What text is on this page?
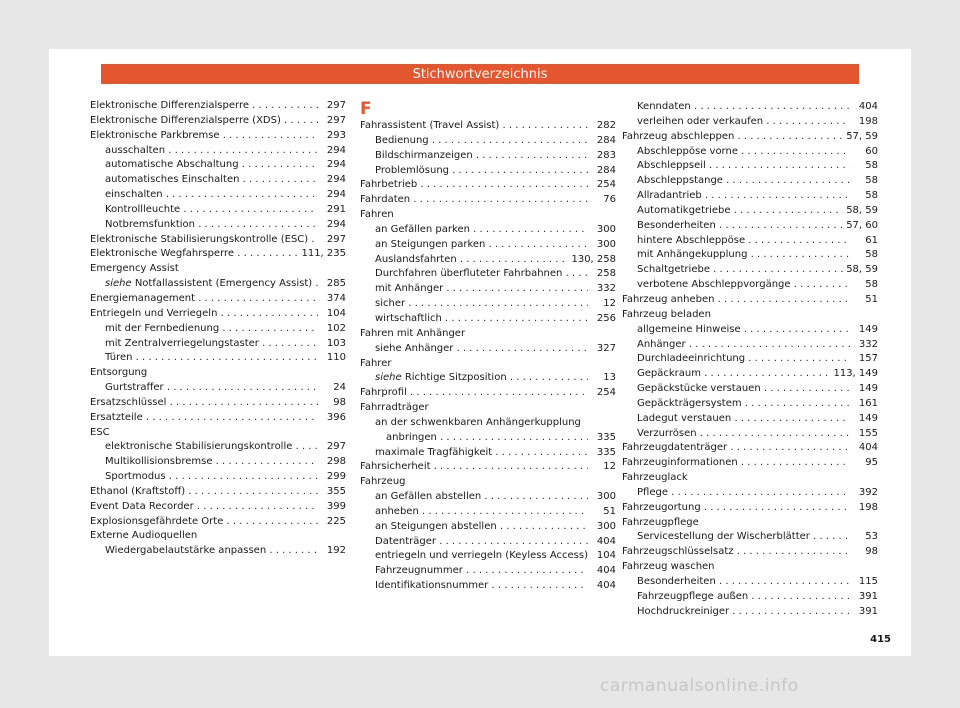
Stichwortverzeichnis
Elektronische Differenzialsperre . . .	297
Elektronische Differenzialsperre (XDS) . . .	297
Elektronische Parkbremse . . .	293
ausschalten . . .	294
automatische Abschaltung . . .	294
automatisches Einschalten . . .	294
einschalten . . .	294
Kontrollleuchte . . .	291
Notbremsfunktion . . .	294
Elektronische Stabilisierungskontrolle (ESC) . . .	297
Elektronische Wegfahrsperre . . .	111, 235
Emergency Assist
siehe Notfallassistent (Emergency Assist) . . .	285
Energiemanagement . . .	374
Entriegeln und Verriegeln . . .	104
mit der Fernbedienung . . .	102
mit Zentralverriegelungstaster . . .	103
Türen . . .	110
Entsorgung
Gurtstraffer . . .	24
Ersatzschlüssel . . .	98
Ersatzteile . . .	396
ESC
elektronische Stabilisierungskontrolle . . .	297
Multikollisionsbremse . . .	298
Sportmodus . . .	299
Ethanol (Kraftstoff) . . .	355
Event Data Recorder . . .	399
Explosionsgefährdete Orte . . .	225
Externe Audioquellen
Wiedergabelautstärke anpassen . . .	192
F
Fahrassistent (Travel Assist) . . .	282
Bedienung . . .	284
Bildschirmanzeigen . . .	283
Problemlösung . . .	284
Fahrbetrieb . . .	254
Fahrdaten . . .	76
Fahren
an Gefällen parken . . .	300
an Steigungen parken . . .	300
Auslandsfahrten . . .	130, 258
Durchfahren überfluteter Fahrbahnen . . .	258
mit Anhänger . . .	332
sicher . . .	12
wirtschaftlich . . .	256
Fahren mit Anhänger
siehe Anhänger . . .	327
Fahrer
siehe Richtige Sitzposition . . .	13
Fahrprofil . . .	254
Fahrradträger
an der schwenkbaren Anhängerkupplung
anbringen . . .	335
maximale Tragfähigkeit . . .	335
Fahrsicherheit . . .	12
Fahrzeug
an Gefällen abstellen . . .	300
anheben . . .	51
an Steigungen abstellen . . .	300
Datenträger . . .	404
entriegeln und verriegeln (Keyless Access) . . . 104
Fahrzeugnummer . . .	404
Identifikationsnummer . . .	404
Kenndaten . . .	404
verleihen oder verkaufen . . .	198
Fahrzeug abschleppen . . .	57, 59
Abschleppöse vorne . . .	60
Abschleppseil . . .	58
Abschleppstange . . .	58
Allradantrieb . . .	58
Automatikgetriebe . . .	58, 59
Besonderheiten . . .	57, 60
hintere Abschleppöse . . .	61
mit Anhängekupplung . . .	58
Schaltgetriebe . . .	58, 59
verbotene Abschleppvorgänge . . .	58
Fahrzeug anheben . . .	51
Fahrzeug beladen
allgemeine Hinweise . . .	149
Anhänger . . .	332
Durchladeeinrichtung . . .	157
Gepäckraum . . .	113, 149
Gepäckstücke verstauen . . .	149
Gepäckträgersystem . . .	161
Ladegut verstauen . . .	149
Verzurrösen . . .	155
Fahrzeugdatenträger . . .	404
Fahrzeuginformationen . . .	95
Fahrzeuglack
Pflege . . .	392
Fahrzeugortung . . .	198
Fahrzeugpflege
Servicestellung der Wischerblätter . . .	53
Fahrzeugschlüsselsatz . . .	98
Fahrzeug waschen
Besonderheiten . . .	115
Fahrzeugpflege außen . . .	391
Hochdruckreiniger . . .	391
415
carmanualsonline.info
